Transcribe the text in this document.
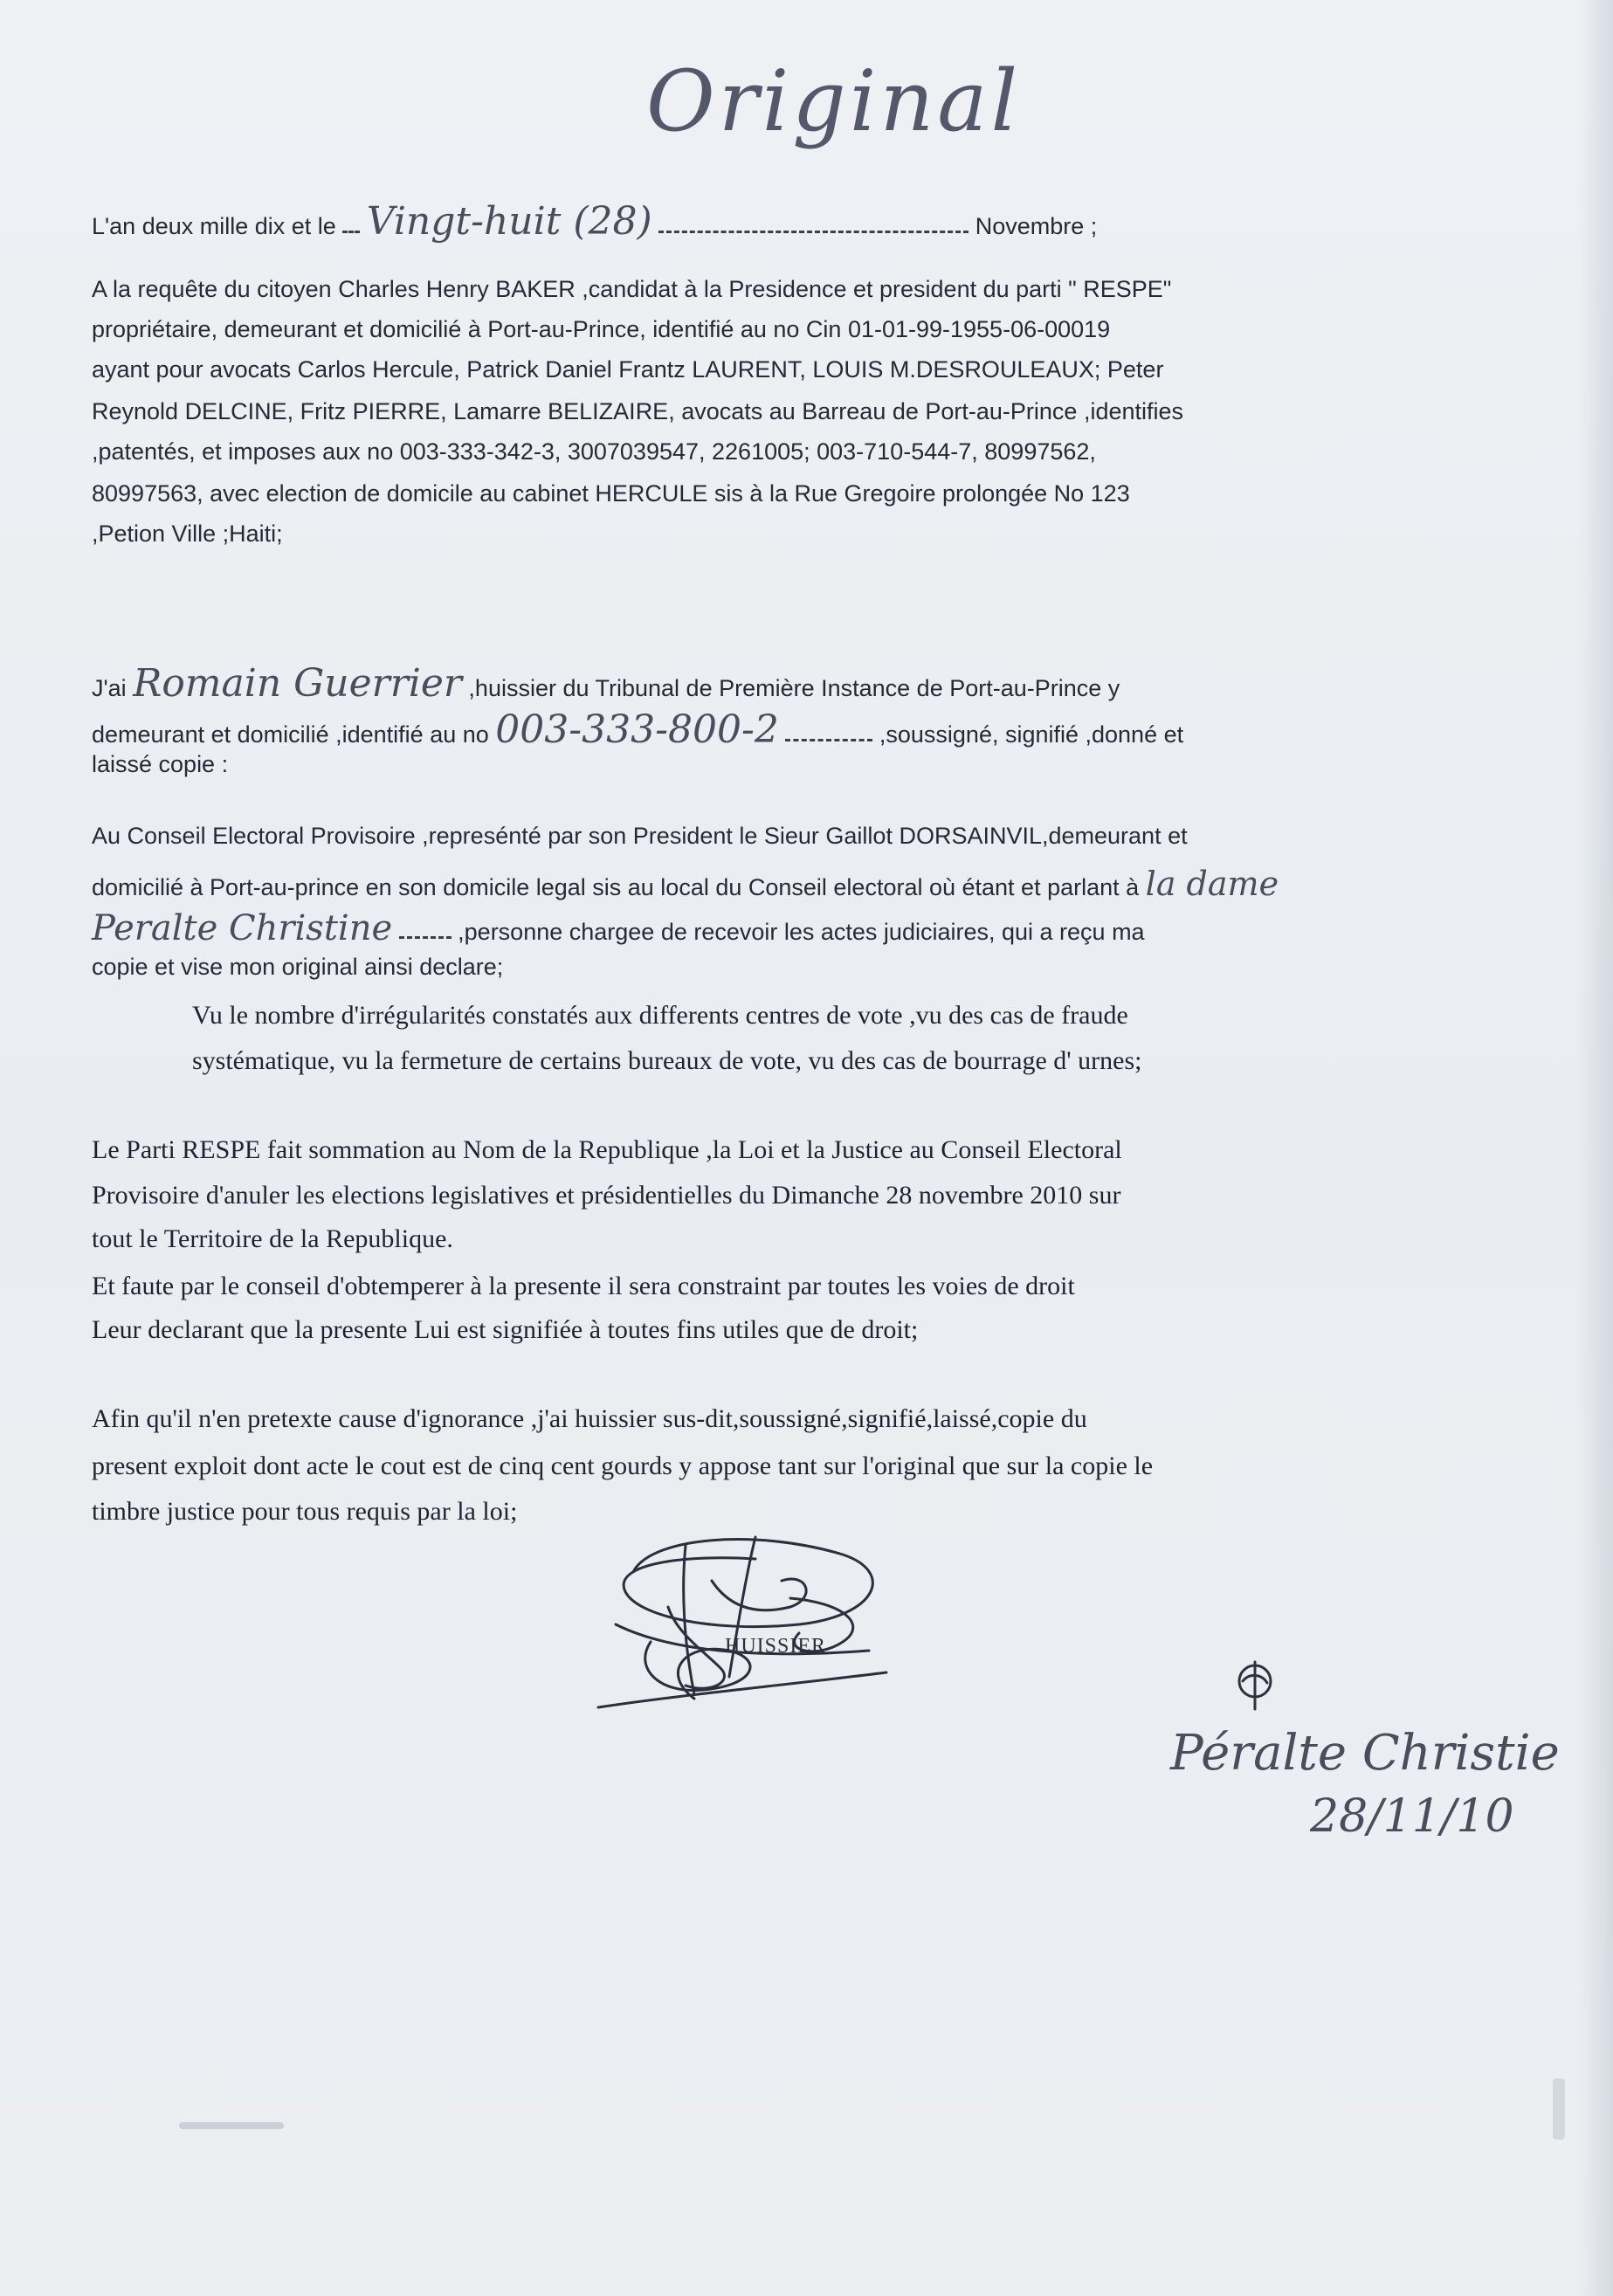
Original
L'an deux mille dix et le Vingt-huit (28)	Novembre ;
A la requête du citoyen Charles Henry BAKER ,candidat à la Presidence et president du parti " RESPE"
propriétaire, demeurant et domicilié à Port-au-Prince, identifié au no Cin 01-01-99-1955-06-00019
ayant pour avocats Carlos Hercule, Patrick Daniel Frantz LAURENT, LOUIS M.DESROULEAUX; Peter
Reynold DELCINE, Fritz PIERRE, Lamarre BELIZAIRE, avocats au Barreau de Port-au-Prince ,identifies
,patentés, et imposes aux no 003-333-342-3, 3007039547, 2261005; 003-710-544-7, 80997562,
80997563, avec election de domicile au cabinet HERCULE sis à la Rue Gregoire prolongée No 123
,Petion Ville ;Haiti;
J'ai Romain Guerrier ,huissier du Tribunal de Première Instance de Port-au-Prince y
demeurant et domicilié ,identifié au no 003-333-800-2	,soussigné, signifié ,donné et
laissé copie :
Au Conseil Electoral Provisoire ,represénté par son President le Sieur Gaillot DORSAINVIL,demeurant et
domicilié à Port-au-prince en son domicile legal sis au local du Conseil electoral où étant et parlant à la dame
Peralte Christine	,personne chargee de recevoir les actes judiciaires, qui a reçu ma
copie et vise mon original ainsi declare;
Vu le nombre d'irrégularités constatés aux differents centres de vote ,vu des cas de fraude
systématique, vu la fermeture de certains bureaux de vote, vu des cas de bourrage d' urnes;
Le Parti RESPE fait sommation au Nom de la Republique ,la Loi et la Justice au Conseil Electoral
Provisoire d'anuler les elections legislatives et présidentielles du Dimanche 28 novembre 2010 sur
tout le Territoire de la Republique.
Et faute par le conseil d'obtemperer à la presente il sera constraint par toutes les voies de droit
Leur declarant que la presente Lui est signifiée à toutes fins utiles que de droit;
Afin qu'il n'en pretexte cause d'ignorance ,j'ai huissier sus-dit,soussigné,signifié,laissé,copie du
present exploit dont acte le cout est de cinq cent gourds y appose tant sur l'original que sur la copie le
timbre justice pour tous requis par la loi;
HUISSIER
Péralte Christie
28/11/10
